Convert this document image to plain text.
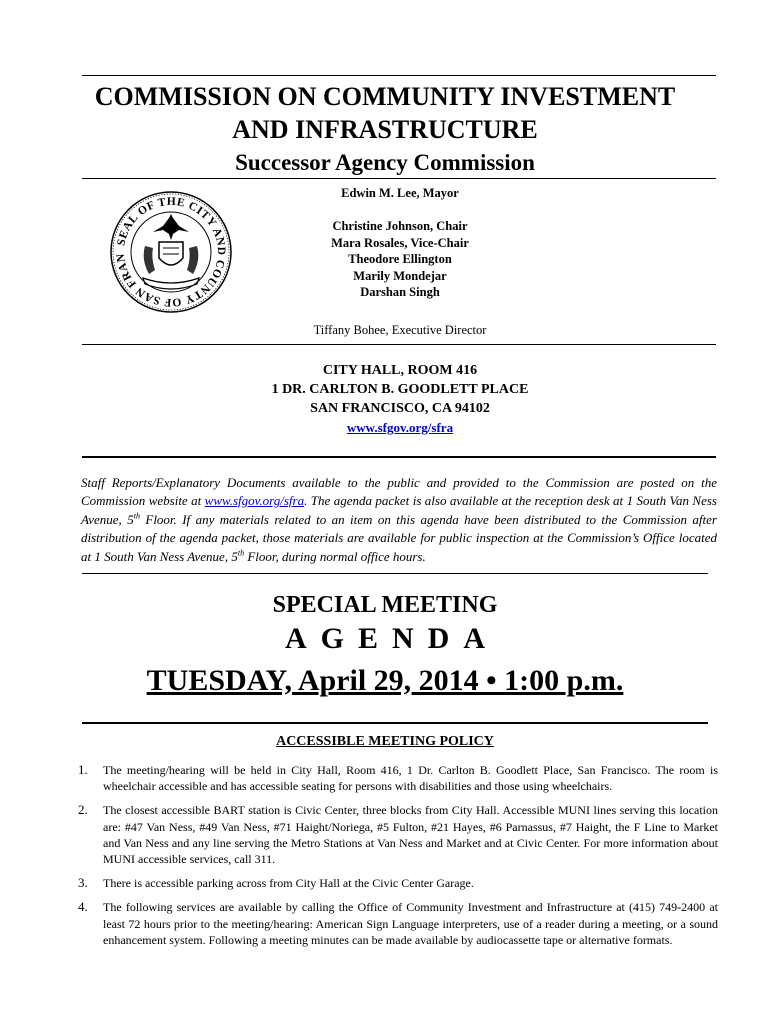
COMMISSION ON COMMUNITY INVESTMENT
AND INFRASTRUCTURE
Successor Agency Commission
SEAL OF THE CITY AND COUNTY OF SAN FRAN
Edwin M. Lee, Mayor
Christine Johnson, Chair
Mara Rosales, Vice-Chair
Theodore Ellington
Marily Mondejar
Darshan Singh
Tiffany Bohee, Executive Director
CITY HALL, ROOM 416
1 DR. CARLTON B. GOODLETT PLACE
SAN FRANCISCO, CA 94102
www.sfgov.org/sfra
Staff Reports/Explanatory Documents available to the public and provided to the Commission are posted on the Commission website at www.sfgov.org/sfra. The agenda packet is also available at the reception desk at 1 South Van Ness Avenue, 5th Floor. If any materials related to an item on this agenda have been distributed to the Commission after distribution of the agenda packet, those materials are available for public inspection at the Commission’s Office located at 1 South Van Ness Avenue, 5th Floor, during normal office hours.
SPECIAL MEETING
AGENDA
TUESDAY, April 29, 2014 • 1:00 p.m.
ACCESSIBLE MEETING POLICY
1. The meeting/hearing will be held in City Hall, Room 416, 1 Dr. Carlton B. Goodlett Place, San Francisco. The room is wheelchair accessible and has accessible seating for persons with disabilities and those using wheelchairs.
2. The closest accessible BART station is Civic Center, three blocks from City Hall. Accessible MUNI lines serving this location are: #47 Van Ness, #49 Van Ness, #71 Haight/Noriega, #5 Fulton, #21 Hayes, #6 Parnassus, #7 Haight, the F Line to Market and Van Ness and any line serving the Metro Stations at Van Ness and Market and at Civic Center. For more information about MUNI accessible services, call 311.
3. There is accessible parking across from City Hall at the Civic Center Garage.
4. The following services are available by calling the Office of Community Investment and Infrastructure at (415) 749-2400 at least 72 hours prior to the meeting/hearing: American Sign Language interpreters, use of a reader during a meeting, or a sound enhancement system. Following a meeting minutes can be made available by audiocassette tape or alternative formats.
